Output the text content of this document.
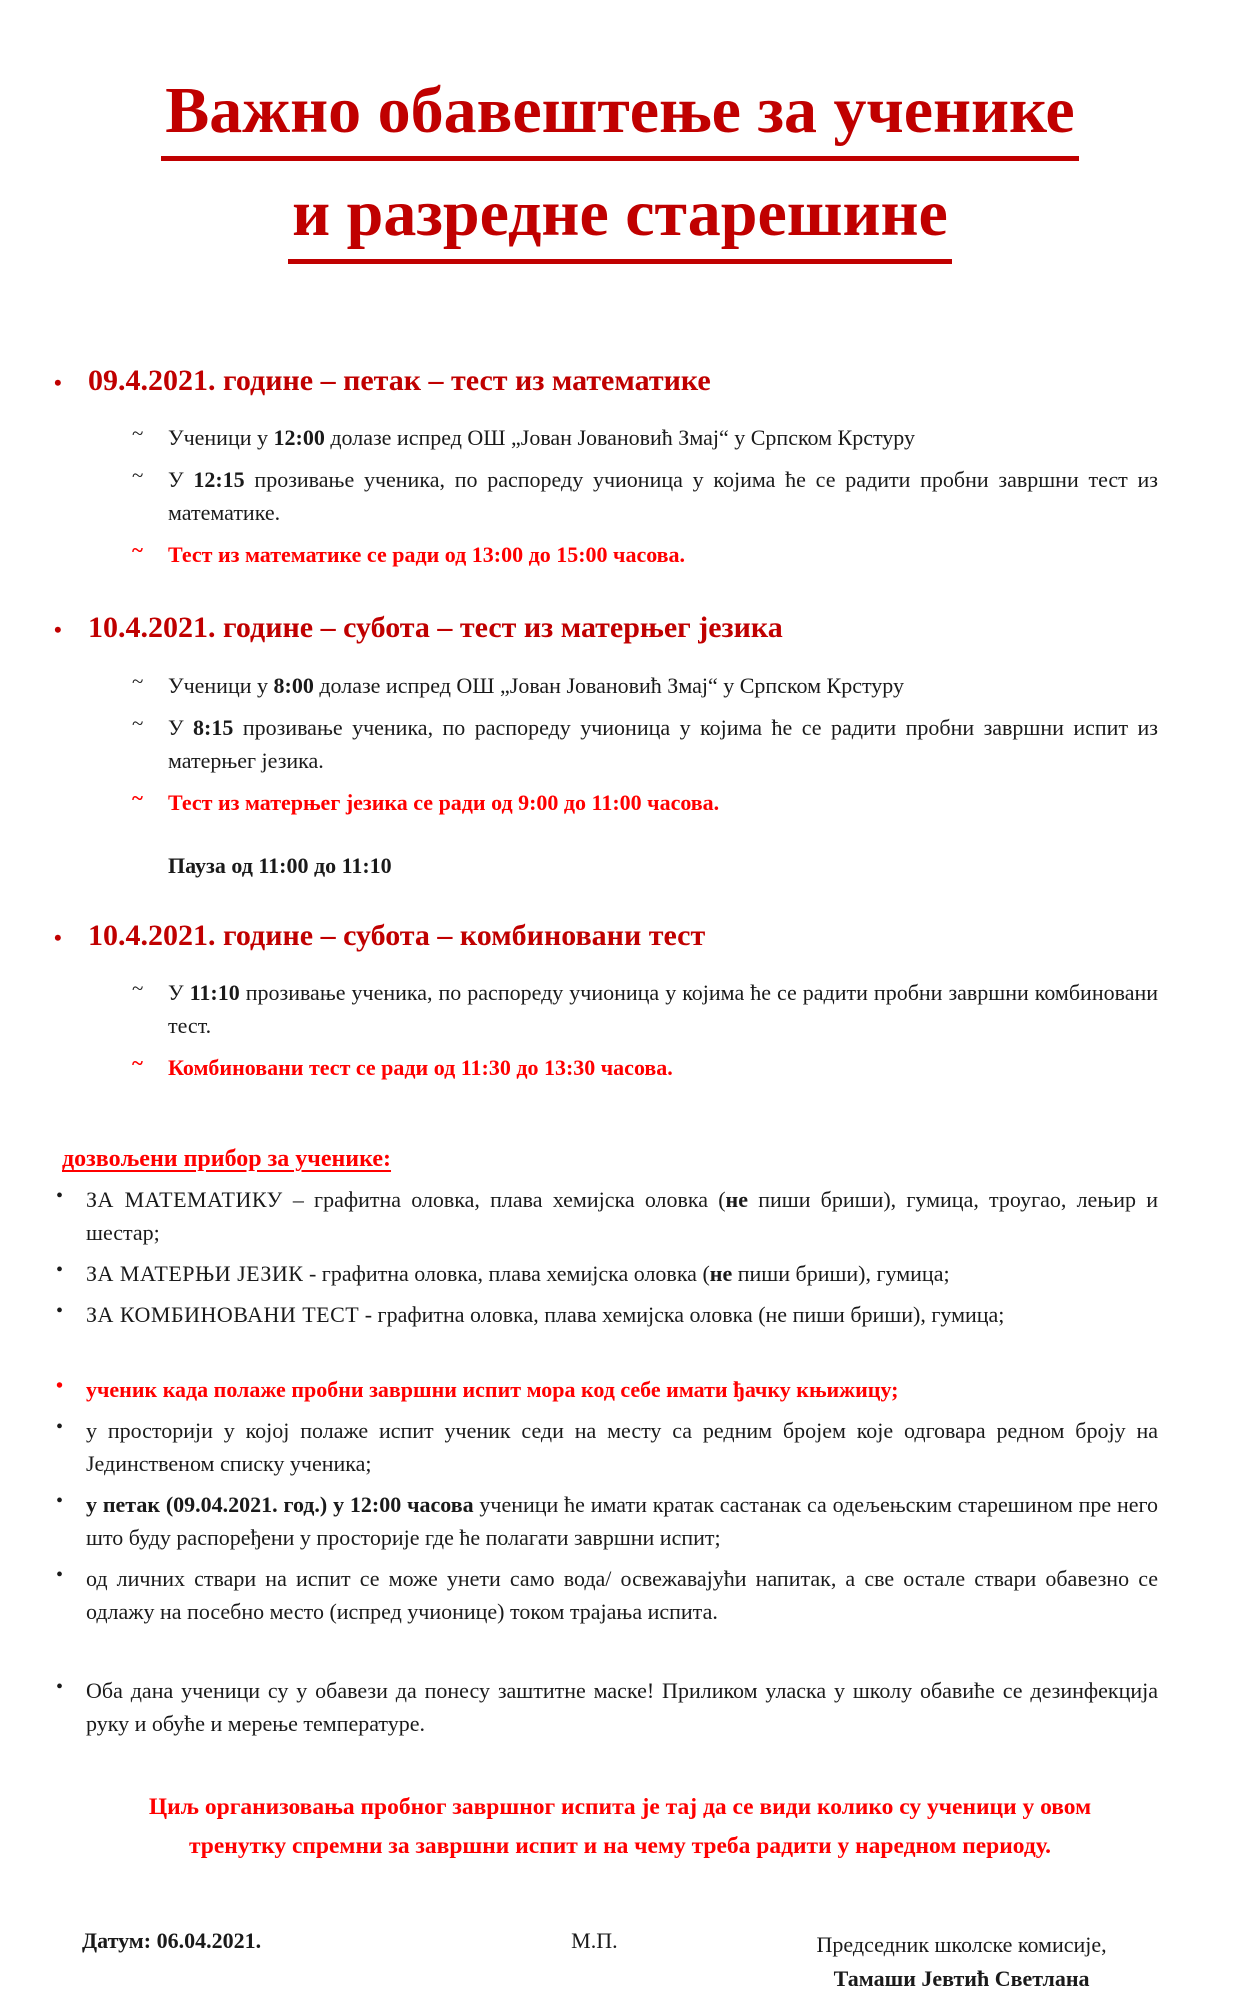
Важно обавештење за ученике
и разредне старешине
• 09.4.2021. године – петак – тест из математике
~	Ученици у 12:00 долазе испред ОШ „Јован Јовановић Змај“ у Српском Крстуру
~	У 12:15 прозивање ученика, по распореду учионица у којима ће се радити пробни завршни тест из математике.
~	Тест из математике се ради од 13:00 до 15:00 часова.
• 10.4.2021. године – субота – тест из матерњег језика
~	Ученици у 8:00 долазе испред ОШ „Јован Јовановић Змај“ у Српском Крстуру
~	У 8:15 прозивање ученика, по распореду учионица у којима ће се радити пробни завршни испит из матерњег језика.
~	Тест из матерњег језика се ради од 9:00 до 11:00 часова.
Пауза од 11:00 до 11:10
• 10.4.2021. године – субота – комбиновани тест
~	У 11:10 прозивање ученика, по распореду учионица у којима ће се радити пробни завршни комбиновани тест.
~	Комбиновани тест се ради од 11:30 до 13:30 часова.
дозвољени прибор за ученике:
•	ЗА МАТЕМАТИКУ – графитна оловка, плава хемијска оловка (не пиши бриши), гумица, троугао, лењир и шестар;
•	ЗА МАТЕРЊИ ЈЕЗИК - графитна оловка, плава хемијска оловка (не пиши бриши), гумица;
•	ЗА КОМБИНОВАНИ ТЕСТ - графитна оловка, плава хемијска оловка (не пиши бриши), гумица;
•	ученик када полаже пробни завршни испит мора код себе имати ђачку књижицу;
•	у просторији у којој полаже испит ученик седи на месту са редним бројем које одговара редном броју на Јединственом списку ученика;
•	у петак (09.04.2021. год.) у 12:00 часова ученици ће имати кратак састанак са одељењским старешином пре него што буду распоређени у просторије где ће полагати завршни испит;
•	од личних ствари на испит се може унети само вода/ освежавајући напитак, а све остале ствари обавезно се одлажу на посебно место (испред учионице) током трајања испита.
•	Оба дана ученици су у обавези да понесу заштитне маске! Приликом уласка у школу обавиће се дезинфекција руку и обуће и мерење температуре.
Циљ организовања пробног завршног испита је тај да се види колико су ученици у овом тренутку спремни за завршни испит и на чему треба радити у наредном периоду.
Датум: 06.04.2021.	М.П.	Председник школске комисије,
Тамаши Јевтић Светлана
